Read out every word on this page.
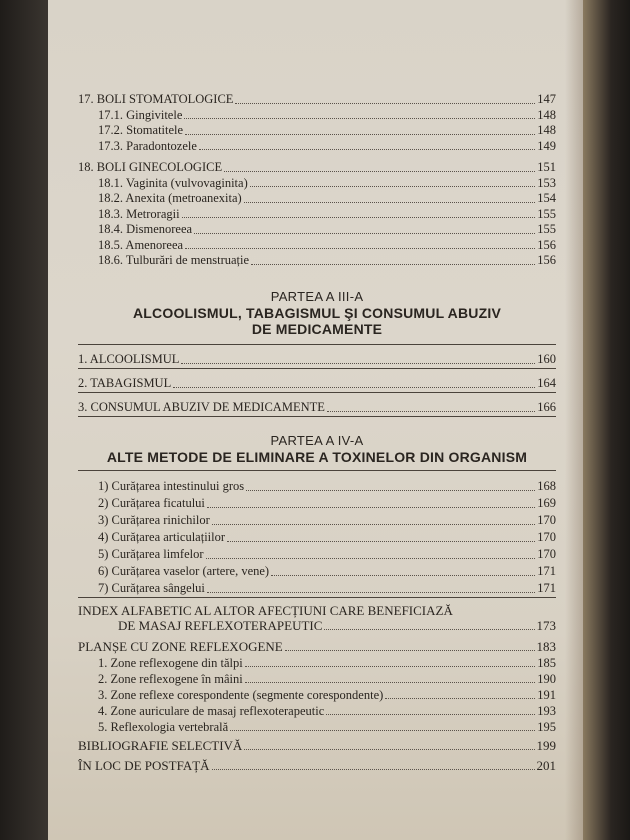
17. BOLI STOMATOLOGICE	147
17.1. Gingivitele	148
17.2. Stomatitele	148
17.3. Paradontozele	149
18. BOLI GINECOLOGICE	151
18.1. Vaginita (vulvovaginita)	153
18.2. Anexita (metroanexita)	154
18.3. Metroragii	155
18.4. Dismenoreea	155
18.5. Amenoreea	156
18.6. Tulburări de menstruație	156
PARTEA A III-A
ALCOOLISMUL, TABAGISMUL ŞI CONSUMUL ABUZIV
DE MEDICAMENTE
1. ALCOOLISMUL	160
2. TABAGISMUL	164
3. CONSUMUL ABUZIV DE MEDICAMENTE	166
PARTEA A IV-A
ALTE METODE DE ELIMINARE A TOXINELOR DIN ORGANISM
1) Curățarea intestinului gros	168
2) Curățarea ficatului	169
3) Curățarea rinichilor	170
4) Curățarea articulațiilor	170
5) Curățarea limfelor	170
6) Curățarea vaselor (artere, vene)	171
7) Curățarea sângelui	171
INDEX ALFABETIC AL ALTOR AFECȚIUNI CARE BENEFICIAZĂ
DE MASAJ REFLEXOTERAPEUTIC	173
PLANȘE CU ZONE REFLEXOGENE	183
1. Zone reflexogene din tălpi	185
2. Zone reflexogene în mâini	190
3. Zone reflexe corespondente (segmente corespondente)	191
4. Zone auriculare de masaj reflexoterapeutic	193
5. Reflexologia vertebrală	195
BIBLIOGRAFIE SELECTIVĂ	199
ÎN LOC DE POSTFAȚĂ	201
